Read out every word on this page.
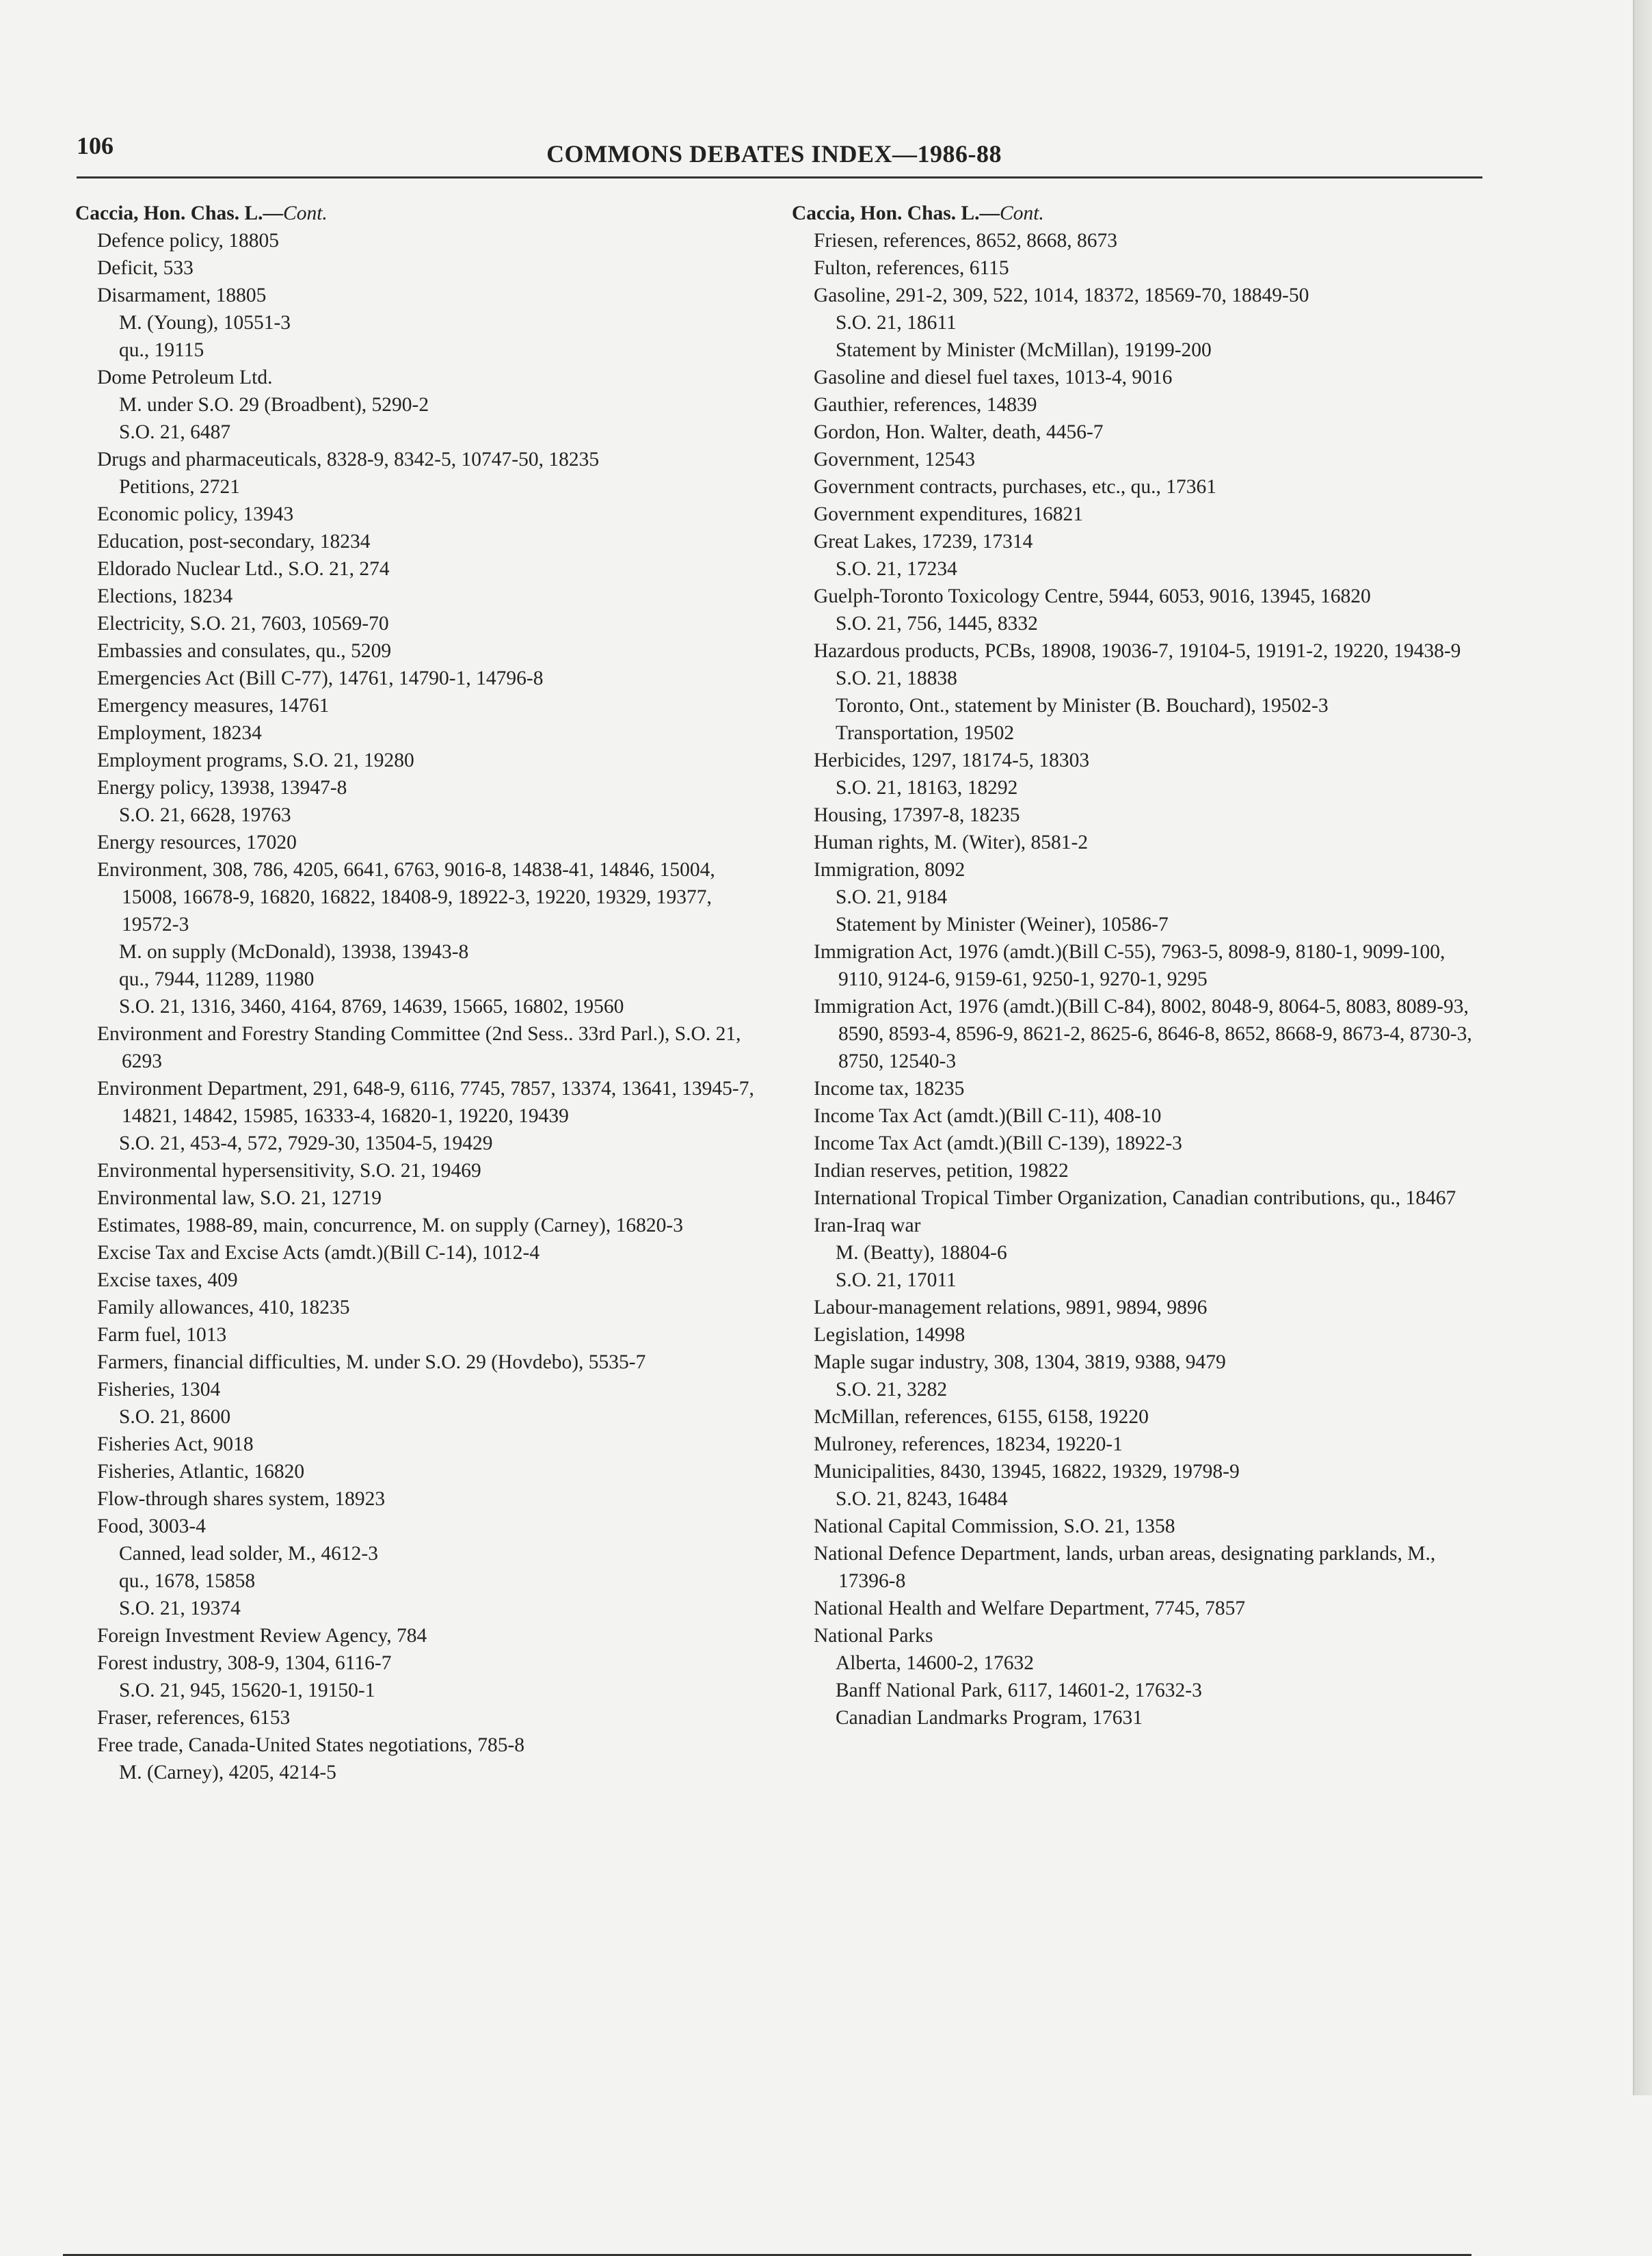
106	COMMONS DEBATES INDEX—1986-88

Caccia, Hon. Chas. L.—Cont.

Defence policy, 18805

Deficit, 533

Disarmament, 18805

M. (Young), 10551-3

qu., 19115

Dome Petroleum Ltd.

M. under S.O. 29 (Broadbent), 5290-2

S.O. 21, 6487

Drugs and pharmaceuticals, 8328-9, 8342-5, 10747-50, 18235

Petitions, 2721

Economic policy, 13943

Education, post-secondary, 18234

Eldorado Nuclear Ltd., S.O. 21, 274

Elections, 18234

Electricity, S.O. 21, 7603, 10569-70

Embassies and consulates, qu., 5209

Emergencies Act (Bill C-77), 14761, 14790-1, 14796-8

Emergency measures, 14761

Employment, 18234

Employment programs, S.O. 21, 19280

Energy policy, 13938, 13947-8

S.O. 21, 6628, 19763

Energy resources, 17020

Environment, 308, 786, 4205, 6641, 6763, 9016-8, 14838-41, 14846, 15004, 15008, 16678-9, 16820, 16822, 18408-9, 18922-3, 19220, 19329, 19377, 19572-3

M. on supply (McDonald), 13938, 13943-8

qu., 7944, 11289, 11980

S.O. 21, 1316, 3460, 4164, 8769, 14639, 15665, 16802, 19560

Environment and Forestry Standing Committee (2nd Sess.. 33rd Parl.), S.O. 21, 6293

Environment Department, 291, 648-9, 6116, 7745, 7857, 13374, 13641, 13945-7, 14821, 14842, 15985, 16333-4, 16820-1, 19220, 19439

S.O. 21, 453-4, 572, 7929-30, 13504-5, 19429

Environmental hypersensitivity, S.O. 21, 19469

Environmental law, S.O. 21, 12719

Estimates, 1988-89, main, concurrence, M. on supply (Carney), 16820-3

Excise Tax and Excise Acts (amdt.)(Bill C-14), 1012-4

Excise taxes, 409

Family allowances, 410, 18235

Farm fuel, 1013

Farmers, financial difficulties, M. under S.O. 29 (Hovdebo), 5535-7

Fisheries, 1304

S.O. 21, 8600

Fisheries Act, 9018

Fisheries, Atlantic, 16820

Flow-through shares system, 18923

Food, 3003-4

Canned, lead solder, M., 4612-3

qu., 1678, 15858

S.O. 21, 19374

Foreign Investment Review Agency, 784

Forest industry, 308-9, 1304, 6116-7

S.O. 21, 945, 15620-1, 19150-1

Fraser, references, 6153

Free trade, Canada-United States negotiations, 785-8

M. (Carney), 4205, 4214-5

Caccia, Hon. Chas. L.—Cont.

Friesen, references, 8652, 8668, 8673

Fulton, references, 6115

Gasoline, 291-2, 309, 522, 1014, 18372, 18569-70, 18849-50

S.O. 21, 18611

Statement by Minister (McMillan), 19199-200

Gasoline and diesel fuel taxes, 1013-4, 9016

Gauthier, references, 14839

Gordon, Hon. Walter, death, 4456-7

Government, 12543

Government contracts, purchases, etc., qu., 17361

Government expenditures, 16821

Great Lakes, 17239, 17314

S.O. 21, 17234

Guelph-Toronto Toxicology Centre, 5944, 6053, 9016, 13945, 16820

S.O. 21, 756, 1445, 8332

Hazardous products, PCBs, 18908, 19036-7, 19104-5, 19191-2, 19220, 19438-9

S.O. 21, 18838

Toronto, Ont., statement by Minister (B. Bouchard), 19502-3

Transportation, 19502

Herbicides, 1297, 18174-5, 18303

S.O. 21, 18163, 18292

Housing, 17397-8, 18235

Human rights, M. (Witer), 8581-2

Immigration, 8092

S.O. 21, 9184

Statement by Minister (Weiner), 10586-7

Immigration Act, 1976 (amdt.)(Bill C-55), 7963-5, 8098-9, 8180-1, 9099-100, 9110, 9124-6, 9159-61, 9250-1, 9270-1, 9295

Immigration Act, 1976 (amdt.)(Bill C-84), 8002, 8048-9, 8064-5, 8083, 8089-93, 8590, 8593-4, 8596-9, 8621-2, 8625-6, 8646-8, 8652, 8668-9, 8673-4, 8730-3, 8750, 12540-3

Income tax, 18235

Income Tax Act (amdt.)(Bill C-11), 408-10

Income Tax Act (amdt.)(Bill C-139), 18922-3

Indian reserves, petition, 19822

International Tropical Timber Organization, Canadian contributions, qu., 18467

Iran-Iraq war

M. (Beatty), 18804-6

S.O. 21, 17011

Labour-management relations, 9891, 9894, 9896

Legislation, 14998

Maple sugar industry, 308, 1304, 3819, 9388, 9479

S.O. 21, 3282

McMillan, references, 6155, 6158, 19220

Mulroney, references, 18234, 19220-1

Municipalities, 8430, 13945, 16822, 19329, 19798-9

S.O. 21, 8243, 16484

National Capital Commission, S.O. 21, 1358

National Defence Department, lands, urban areas, designating parklands, M., 17396-8

National Health and Welfare Department, 7745, 7857

National Parks

Alberta, 14600-2, 17632

Banff National Park, 6117, 14601-2, 17632-3

Canadian Landmarks Program, 17631
